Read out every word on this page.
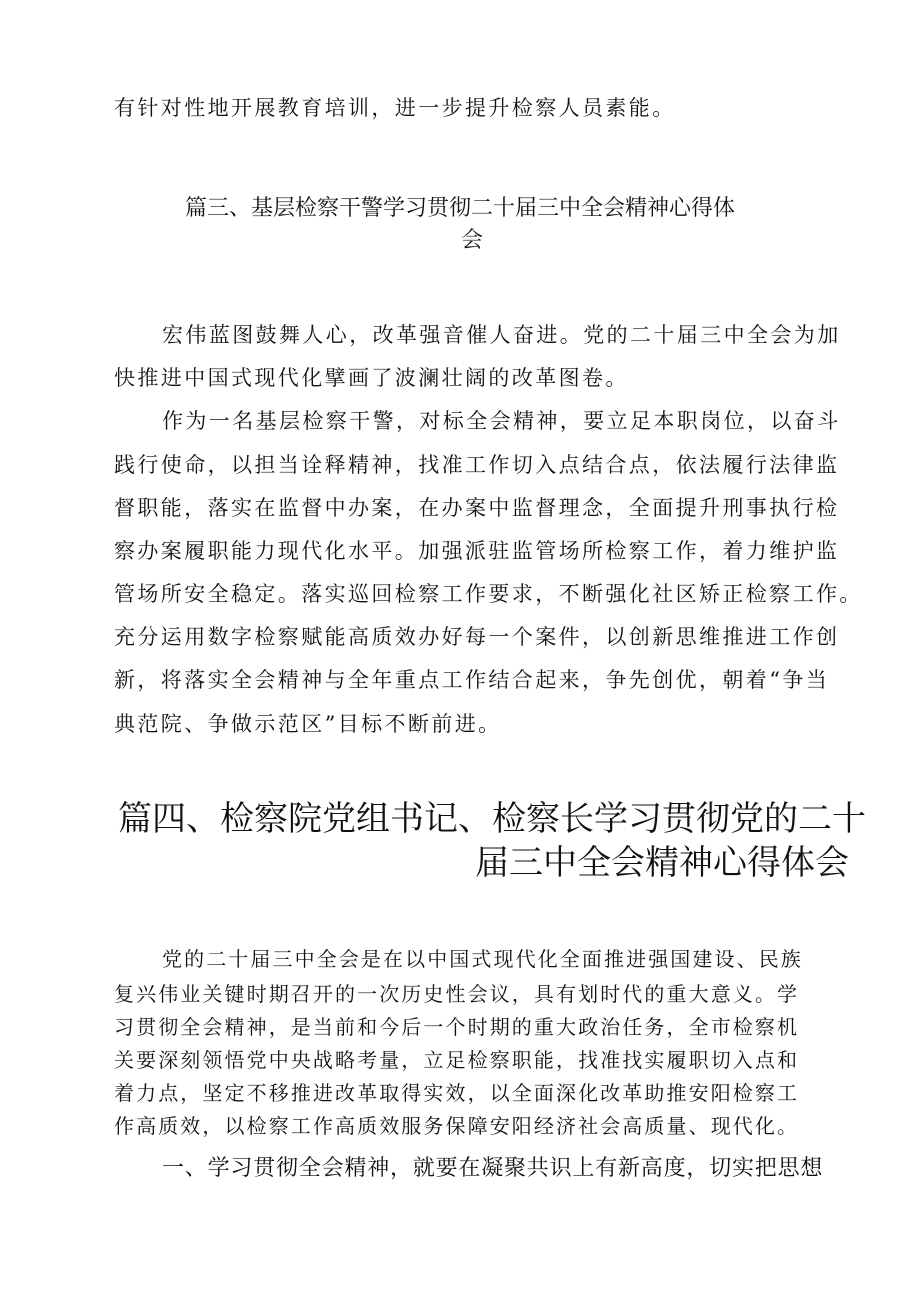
有针对性地开展教育培训，进一步提升检察人员素能。
篇三、基层检察干警学习贯彻二十届三中全会精神心得体
会
宏伟蓝图鼓舞人心，改革强音催人奋进。党的二十届三中全会为加
快推进中国式现代化擘画了波澜壮阔的改革图卷。
作为一名基层检察干警，对标全会精神，要立足本职岗位，以奋斗
践行使命，以担当诠释精神，找准工作切入点结合点，依法履行法律监
督职能，落实在监督中办案，在办案中监督理念，全面提升刑事执行检
察办案履职能力现代化水平。加强派驻监管场所检察工作，着力维护监
管场所安全稳定。落实巡回检察工作要求，不断强化社区矫正检察工作。
充分运用数字检察赋能高质效办好每一个案件，以创新思维推进工作创
新，将落实全会精神与全年重点工作结合起来，争先创优，朝着“争当
典范院、争做示范区”目标不断前进。
篇四、检察院党组书记、检察长学习贯彻党的二十
届三中全会精神心得体会
党的二十届三中全会是在以中国式现代化全面推进强国建设、民族
复兴伟业关键时期召开的一次历史性会议，具有划时代的重大意义。学
习贯彻全会精神，是当前和今后一个时期的重大政治任务，全市检察机
关要深刻领悟党中央战略考量，立足检察职能，找准找实履职切入点和
着力点，坚定不移推进改革取得实效，以全面深化改革助推安阳检察工
作高质效，以检察工作高质效服务保障安阳经济社会高质量、现代化。
一、学习贯彻全会精神，就要在凝聚共识上有新高度，切实把思想
